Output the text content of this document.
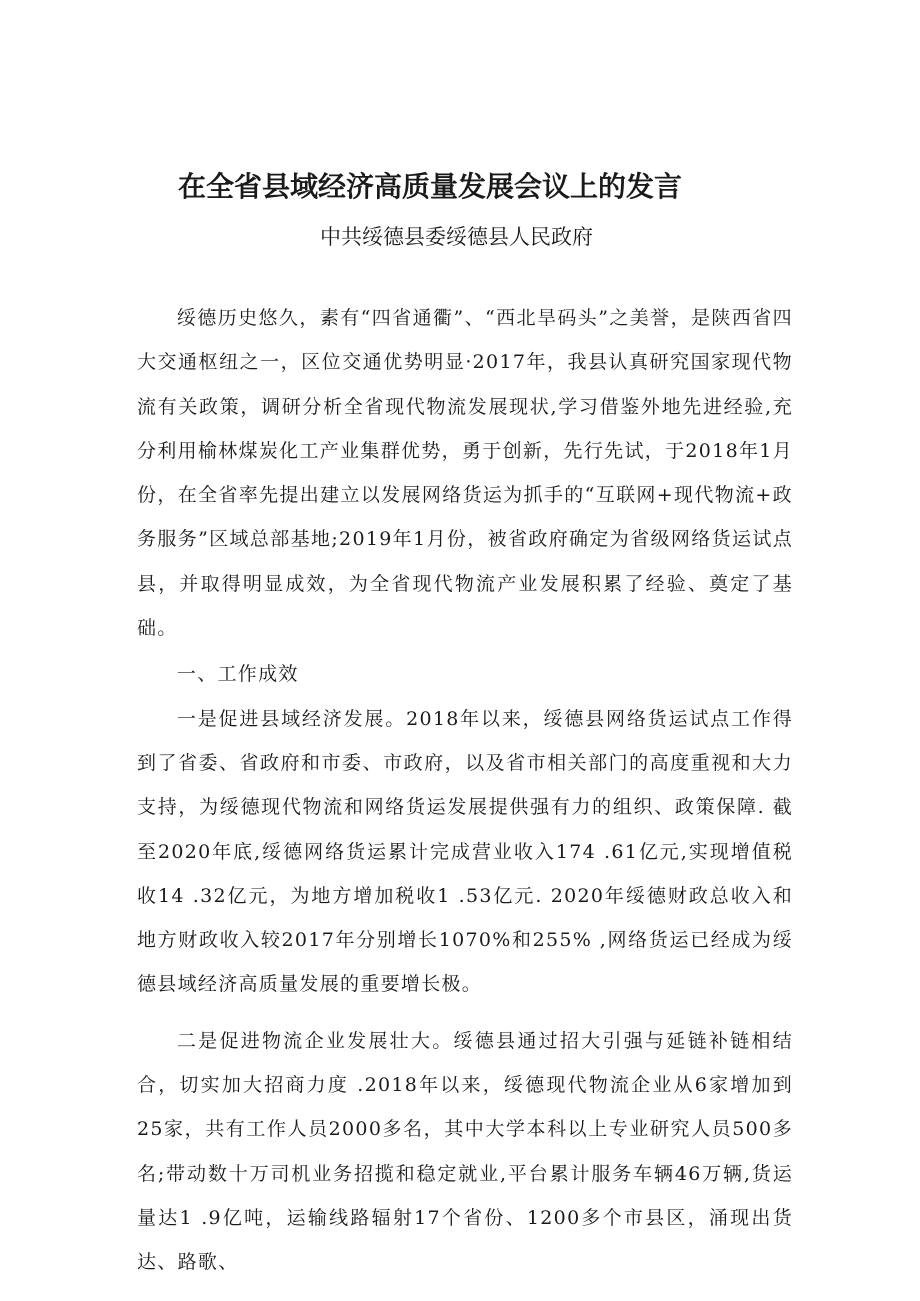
在全省县域经济高质量发展会议上的发言
中共绥德县委绥德县人民政府

绥德历史悠久，素有“四省通衢”、“西北旱码头”之美誉，是陕西省四大交通枢纽之一，区位交通优势明显·2017年，我县认真研究国家现代物流有关政策，调研分析全省现代物流发展现状,学习借鉴外地先进经验,充分利用榆林煤炭化工产业集群优势，勇于创新，先行先试，于2018年1月份，在全省率先提出建立以发展网络货运为抓手的“互联网+现代物流+政务服务”区域总部基地;2019年1月份，被省政府确定为省级网络货运试点县，并取得明显成效，为全省现代物流产业发展积累了经验、奠定了基础。

一、工作成效

一是促进县域经济发展。2018年以来，绥德县网络货运试点工作得到了省委、省政府和市委、市政府，以及省市相关部门的高度重视和大力支持，为绥德现代物流和网络货运发展提供强有力的组织、政策保障. 截至2020年底,绥德网络货运累计完成营业收入174 .61亿元,实现增值税收14 .32亿元，为地方增加税收1 .53亿元. 2020年绥德财政总收入和地方财政收入较2017年分别增长1070%和255% ,网络货运已经成为绥德县域经济高质量发展的重要增长极。

二是促进物流企业发展壮大。绥德县通过招大引强与延链补链相结合，切实加大招商力度 .2018年以来，绥德现代物流企业从6家增加到25家，共有工作人员2000多名，其中大学本科以上专业研究人员500多名;带动数十万司机业务招揽和稳定就业,平台累计服务车辆46万辆,货运量达1 .9亿吨，运输线路辐射17个省份、1200多个市县区，涌现出货达、路歌、
